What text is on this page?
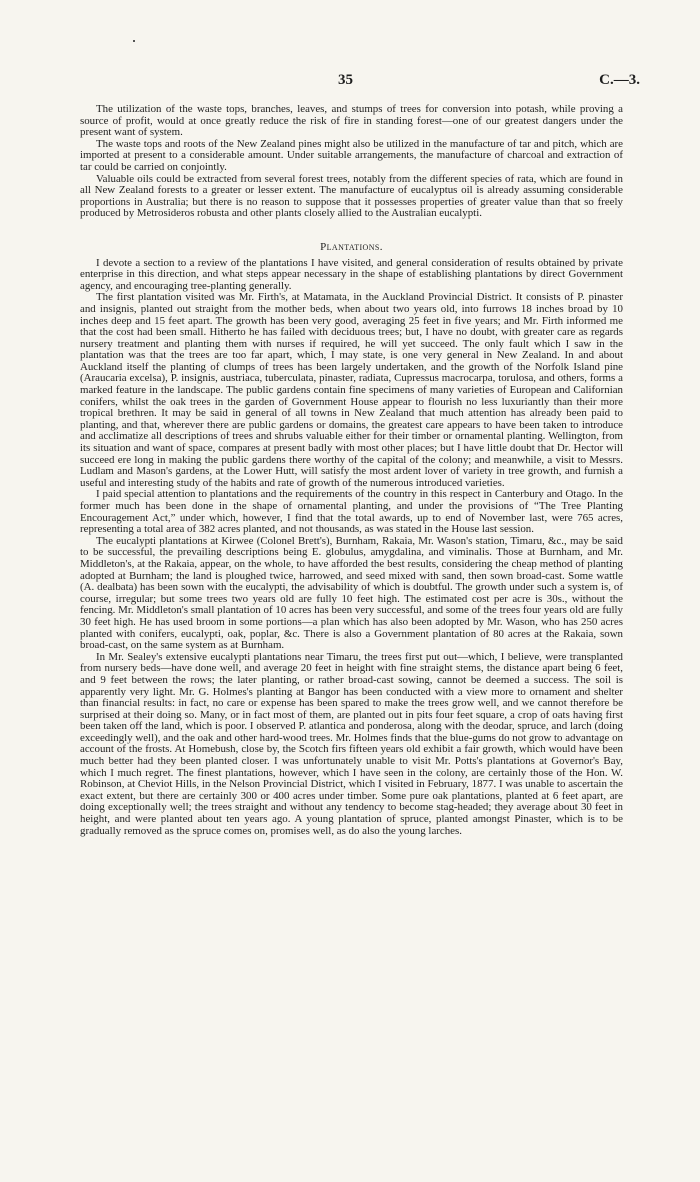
35	C.—3.

The utilization of the waste tops, branches, leaves, and stumps of trees for conversion into potash, while proving a source of profit, would at once greatly reduce the risk of fire in standing forest—one of our greatest dangers under the present want of system.

The waste tops and roots of the New Zealand pines might also be utilized in the manufacture of tar and pitch, which are imported at present to a considerable amount. Under suitable arrangements, the manufacture of charcoal and extraction of tar could be carried on conjointly.

Valuable oils could be extracted from several forest trees, notably from the different species of rata, which are found in all New Zealand forests to a greater or lesser extent. The manufacture of eucalyptus oil is already assuming considerable proportions in Australia; but there is no reason to suppose that it possesses properties of greater value than that so freely produced by Metrosideros robusta and other plants closely allied to the Australian eucalypti.

Plantations.

I devote a section to a review of the plantations I have visited, and general consideration of results obtained by private enterprise in this direction, and what steps appear necessary in the shape of establishing plantations by direct Government agency, and encouraging tree-planting generally.

The first plantation visited was Mr. Firth's, at Matamata, in the Auckland Provincial District. It consists of P. pinaster and insignis, planted out straight from the mother beds, when about two years old, into furrows 18 inches broad by 10 inches deep and 15 feet apart. The growth has been very good, averaging 25 feet in five years; and Mr. Firth informed me that the cost had been small. Hitherto he has failed with deciduous trees; but, I have no doubt, with greater care as regards nursery treatment and planting them with nurses if required, he will yet succeed. The only fault which I saw in the plantation was that the trees are too far apart, which, I may state, is one very general in New Zealand. In and about Auckland itself the planting of clumps of trees has been largely undertaken, and the growth of the Norfolk Island pine (Araucaria excelsa), P. insignis, austriaca, tuberculata, pinaster, radiata, Cupressus macrocarpa, torulosa, and others, forms a marked feature in the landscape. The public gardens contain fine specimens of many varieties of European and Californian conifers, whilst the oak trees in the garden of Government House appear to flourish no less luxuriantly than their more tropical brethren. It may be said in general of all towns in New Zealand that much attention has already been paid to planting, and that, wherever there are public gardens or domains, the greatest care appears to have been taken to introduce and acclimatize all descriptions of trees and shrubs valuable either for their timber or ornamental planting. Wellington, from its situation and want of space, compares at present badly with most other places; but I have little doubt that Dr. Hector will succeed ere long in making the public gardens there worthy of the capital of the colony; and meanwhile, a visit to Messrs. Ludlam and Mason's gardens, at the Lower Hutt, will satisfy the most ardent lover of variety in tree growth, and furnish a useful and interesting study of the habits and rate of growth of the numerous introduced varieties.

I paid special attention to plantations and the requirements of the country in this respect in Canterbury and Otago. In the former much has been done in the shape of ornamental planting, and under the provisions of “The Tree Planting Encouragement Act,” under which, however, I find that the total awards, up to end of November last, were 765 acres, representing a total area of 382 acres planted, and not thousands, as was stated in the House last session.

The eucalypti plantations at Kirwee (Colonel Brett's), Burnham, Rakaia, Mr. Wason's station, Timaru, &c., may be said to be successful, the prevailing descriptions being E. globulus, amygdalina, and viminalis. Those at Burnham, and Mr. Middleton's, at the Rakaia, appear, on the whole, to have afforded the best results, considering the cheap method of planting adopted at Burnham; the land is ploughed twice, harrowed, and seed mixed with sand, then sown broad-cast. Some wattle (A. dealbata) has been sown with the eucalypti, the advisability of which is doubtful. The growth under such a system is, of course, irregular; but some trees two years old are fully 10 feet high. The estimated cost per acre is 30s., without the fencing. Mr. Middleton's small plantation of 10 acres has been very successful, and some of the trees four years old are fully 30 feet high. He has used broom in some portions—a plan which has also been adopted by Mr. Wason, who has 250 acres planted with conifers, eucalypti, oak, poplar, &c. There is also a Government plantation of 80 acres at the Rakaia, sown broad-cast, on the same system as at Burnham.

In Mr. Sealey's extensive eucalypti plantations near Timaru, the trees first put out—which, I believe, were transplanted from nursery beds—have done well, and average 20 feet in height with fine straight stems, the distance apart being 6 feet, and 9 feet between the rows; the later planting, or rather broad-cast sowing, cannot be deemed a success. The soil is apparently very light. Mr. G. Holmes's planting at Bangor has been conducted with a view more to ornament and shelter than financial results: in fact, no care or expense has been spared to make the trees grow well, and we cannot therefore be surprised at their doing so. Many, or in fact most of them, are planted out in pits four feet square, a crop of oats having first been taken off the land, which is poor. I observed P. atlantica and ponderosa, along with the deodar, spruce, and larch (doing exceedingly well), and the oak and other hard-wood trees. Mr. Holmes finds that the blue-gums do not grow to advantage on account of the frosts. At Homebush, close by, the Scotch firs fifteen years old exhibit a fair growth, which would have been much better had they been planted closer. I was unfortunately unable to visit Mr. Potts's plantations at Governor's Bay, which I much regret. The finest plantations, however, which I have seen in the colony, are certainly those of the Hon. W. Robinson, at Cheviot Hills, in the Nelson Provincial District, which I visited in February, 1877. I was unable to ascertain the exact extent, but there are certainly 300 or 400 acres under timber. Some pure oak plantations, planted at 6 feet apart, are doing exceptionally well; the trees straight and without any tendency to become stag-headed; they average about 30 feet in height, and were planted about ten years ago. A young plantation of spruce, planted amongst Pinaster, which is to be gradually removed as the spruce comes on, promises well, as do also the young larches.
